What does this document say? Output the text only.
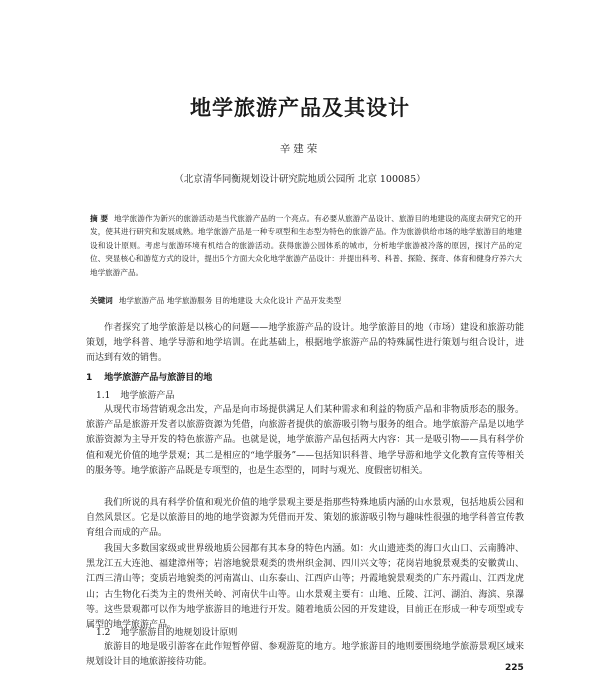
地学旅游产品及其设计
辛建荣
（北京清华同衡规划设计研究院地质公园所 北京 100085）
摘 要 地学旅游作为新兴的旅游活动是当代旅游产品的一个亮点。有必要从旅游产品设计、旅游目的地建设的高度去研究它的开发，使其进行研究和发展成熟。地学旅游产品是一种专项型和生态型为特色的旅游产品。作为旅游供给市场的地学旅游目的地建设和设计原则。考虑与旅游环境有机结合的旅游活动。获得旅游公园体系的城市，分析地学旅游被冷落的原因，探讨产品的定位、突显核心和游览方式的设计，提出5个方面大众化地学旅游产品设计：并提出科考、科普、探险、探奇、体育和健身疗养六大地学旅游产品。
关键词 地学旅游产品 地学旅游服务 目的地建设 大众化设计 产品开发类型

作者探究了地学旅游是以核心的问题——地学旅游产品的设计。地学旅游目的地（市场）建设和旅游功能策划，地学科普、地学导游和地学培训。在此基础上，根据地学旅游产品的特殊属性进行策划与组合设计，进而达到有效的销售。

1 地学旅游产品与旅游目的地
1.1 地学旅游产品

从现代市场营销观念出发，产品是向市场提供满足人们某种需求和利益的物质产品和非物质形态的服务。旅游产品是旅游开发者以旅游资源为凭借，向旅游者提供的旅游吸引物与服务的组合。地学旅游产品是以地学旅游资源为主导开发的特色旅游产品。也就是说，地学旅游产品包括两大内容：其一是吸引物——具有科学价值和观光价值的地学景观；其二是相应的“地学服务”——包括知识科普、地学导游和地学文化教育宣传等相关的服务等。地学旅游产品既是专项型的，也是生态型的，同时与观光、度假密切相关。

我们所说的具有科学价值和观光价值的地学景观主要是指那些特殊地质内涵的山水景观，包括地质公园和自然风景区。它是以旅游目的地的地学资源为凭借而开发、策划的旅游吸引物与趣味性很强的地学科普宣传教育组合而成的产品。

我国大多数国家级或世界级地质公园都有其本身的特色内涵。如：火山遗迹类的海口火山口、云南腾冲、黑龙江五大连池、福建漳州等；岩溶地貌景观类的贵州织金洞、四川兴文等；花岗岩地貌景观类的安徽黄山、江西三清山等；变质岩地貌类的河南嵩山、山东泰山、江西庐山等；丹霞地貌景观类的广东丹霞山、江西龙虎山；古生物化石类为主的贵州关岭、河南伏牛山等。山水景观主要有：山地、丘陵、江河、湖泊、海滨、泉瀑等。这些景观都可以作为地学旅游目的地进行开发。随着地质公园的开发建设，目前正在形成一种专项型或专属型的地学旅游产品。

1.2 地学旅游目的地规划设计原则

旅游目的地是吸引游客在此作短暂停留、参观游览的地方。地学旅游目的地则要围绕地学旅游景观区域来规划设计目的地旅游接待功能。

225
